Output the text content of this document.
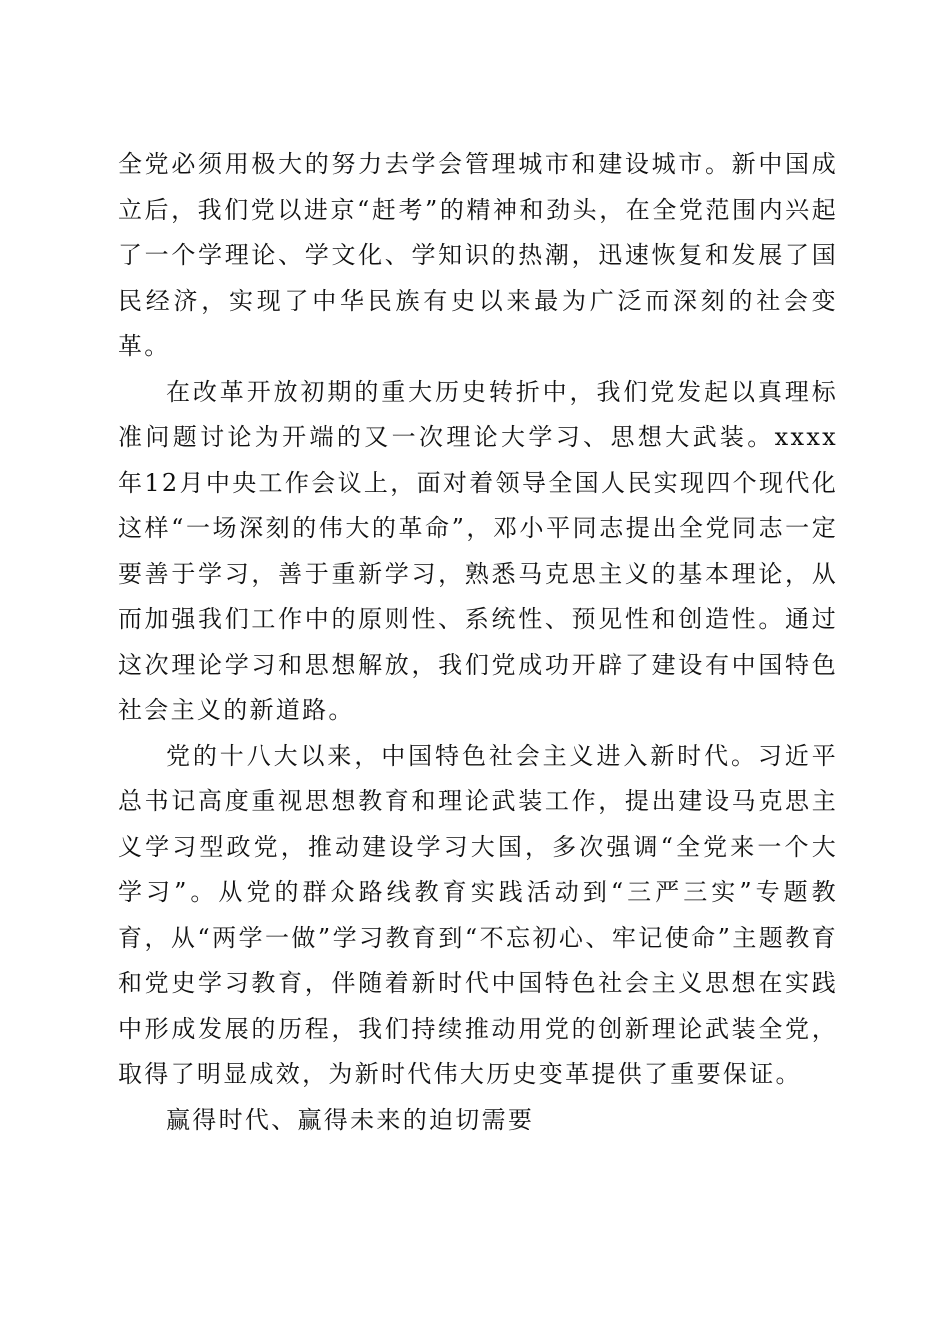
全党必须用极大的努力去学会管理城市和建设城市。新中国成立后，我们党以进京“赶考”的精神和劲头，在全党范围内兴起了一个学理论、学文化、学知识的热潮，迅速恢复和发展了国民经济，实现了中华民族有史以来最为广泛而深刻的社会变革。

在改革开放初期的重大历史转折中，我们党发起以真理标准问题讨论为开端的又一次理论大学习、思想大武装。xxxx年12月中央工作会议上，面对着领导全国人民实现四个现代化这样“一场深刻的伟大的革命”，邓小平同志提出全党同志一定要善于学习，善于重新学习，熟悉马克思主义的基本理论，从而加强我们工作中的原则性、系统性、预见性和创造性。通过这次理论学习和思想解放，我们党成功开辟了建设有中国特色社会主义的新道路。

党的十八大以来，中国特色社会主义进入新时代。习近平总书记高度重视思想教育和理论武装工作，提出建设马克思主义学习型政党，推动建设学习大国，多次强调“全党来一个大学习”。从党的群众路线教育实践活动到“三严三实”专题教育，从“两学一做”学习教育到“不忘初心、牢记使命”主题教育和党史学习教育，伴随着新时代中国特色社会主义思想在实践中形成发展的历程，我们持续推动用党的创新理论武装全党，取得了明显成效，为新时代伟大历史变革提供了重要保证。

赢得时代、赢得未来的迫切需要
